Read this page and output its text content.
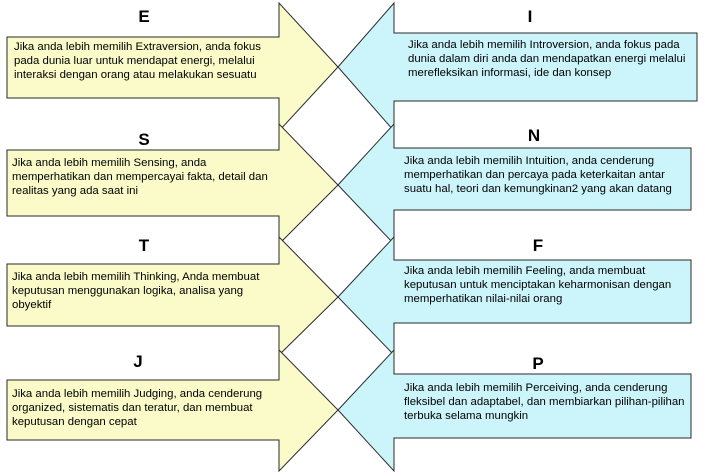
E
Jika anda lebih memilih Extraversion, anda fokus pada dunia luar untuk mendapat energi, melalui interaksi dengan orang atau melakukan sesuatu
I
Jika anda lebih memilih Introversion, anda fokus pada dunia dalam diri anda dan mendapatkan energi melalui merefleksikan informasi, ide dan konsep
S
Jika anda lebih memilih Sensing, anda memperhatikan dan mempercayai fakta, detail dan realitas yang ada saat ini
N
Jika anda lebih memilih Intuition, anda cenderung memperhatikan dan percaya pada keterkaitan antar suatu hal, teori dan kemungkinan2 yang akan datang
T
Jika anda lebih memilih Thinking, Anda membuat keputusan menggunakan logika, analisa yang obyektif
F
Jika anda lebih memilih Feeling, anda membuat keputusan untuk menciptakan keharmonisan dengan memperhatikan nilai-nilai orang
J
Jika anda lebih memilih Judging, anda cenderung organized, sistematis dan teratur, dan membuat keputusan dengan cepat
P
Jika anda lebih memilih Perceiving, anda cenderung fleksibel dan adaptabel, dan membiarkan pilihan-pilihan terbuka selama mungkin
